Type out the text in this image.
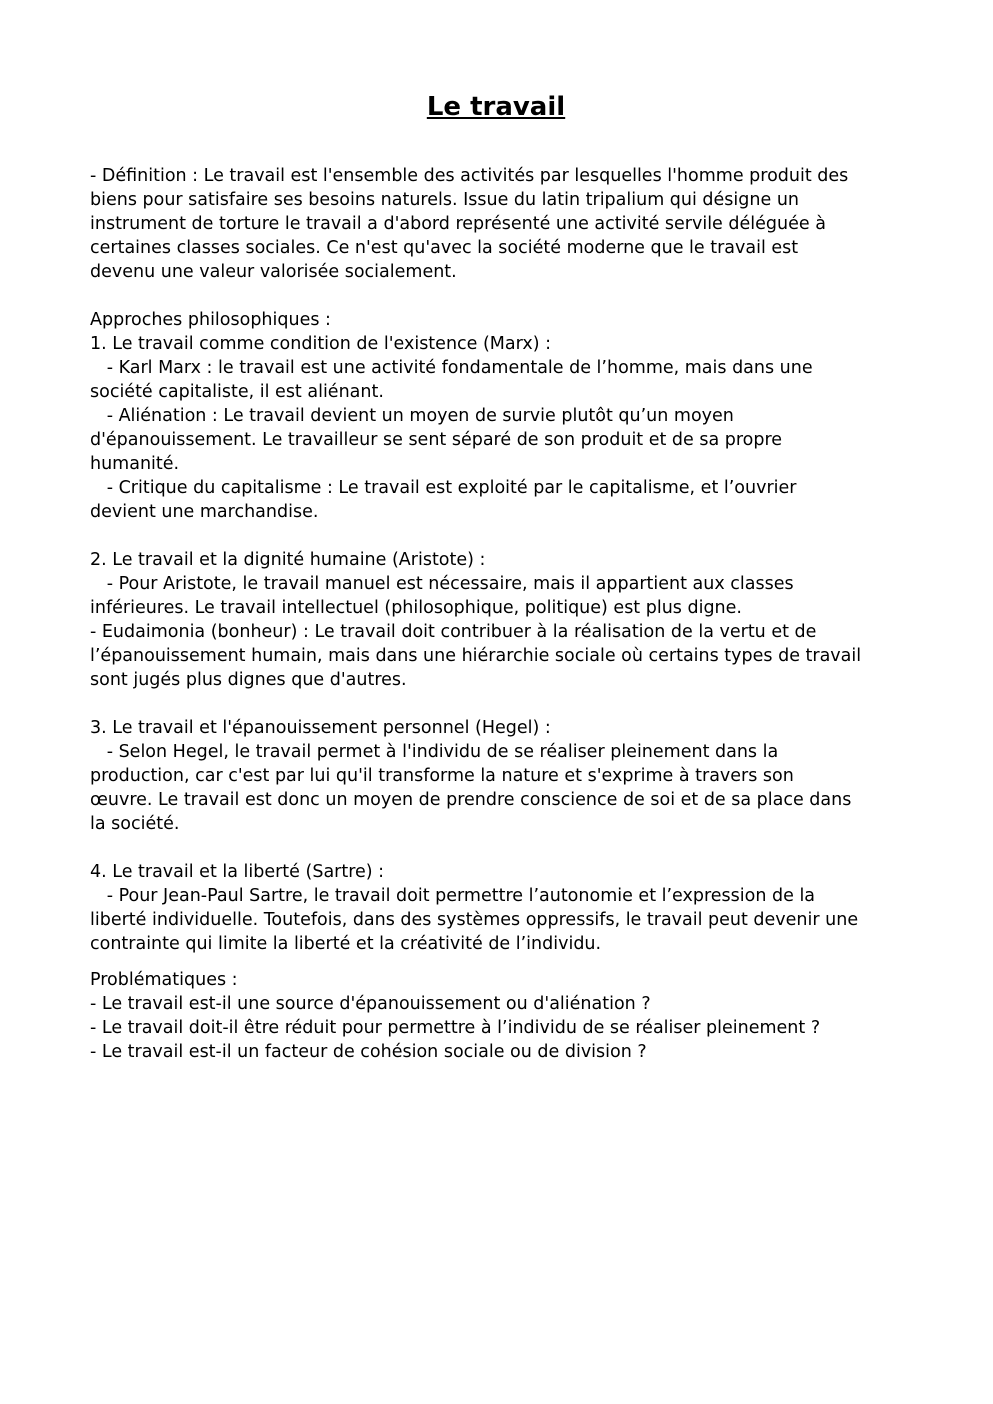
Le travail
- Définition : Le travail est l'ensemble des activités par lesquelles l'homme produit des
biens pour satisfaire ses besoins naturels. Issue du latin tripalium qui désigne un
instrument de torture le travail a d'abord représenté une activité servile déléguée à
certaines classes sociales. Ce n'est qu'avec la société moderne que le travail est
devenu une valeur valorisée socialement.
Approches philosophiques :
1. Le travail comme condition de l'existence (Marx) :
- Karl Marx : le travail est une activité fondamentale de l’homme, mais dans une
société capitaliste, il est aliénant.
- Aliénation : Le travail devient un moyen de survie plutôt qu’un moyen
d'épanouissement. Le travailleur se sent séparé de son produit et de sa propre
humanité.
- Critique du capitalisme : Le travail est exploité par le capitalisme, et l’ouvrier
devient une marchandise.
2. Le travail et la dignité humaine (Aristote) :
- Pour Aristote, le travail manuel est nécessaire, mais il appartient aux classes
inférieures. Le travail intellectuel (philosophique, politique) est plus digne.
- Eudaimonia (bonheur) : Le travail doit contribuer à la réalisation de la vertu et de
l’épanouissement humain, mais dans une hiérarchie sociale où certains types de travail
sont jugés plus dignes que d'autres.
3. Le travail et l'épanouissement personnel (Hegel) :
- Selon Hegel, le travail permet à l'individu de se réaliser pleinement dans la
production, car c'est par lui qu'il transforme la nature et s'exprime à travers son
œuvre. Le travail est donc un moyen de prendre conscience de soi et de sa place dans
la société.
4. Le travail et la liberté (Sartre) :
- Pour Jean-Paul Sartre, le travail doit permettre l’autonomie et l’expression de la
liberté individuelle. Toutefois, dans des systèmes oppressifs, le travail peut devenir une
contrainte qui limite la liberté et la créativité de l’individu.
Problématiques :
- Le travail est-il une source d'épanouissement ou d'aliénation ?
- Le travail doit-il être réduit pour permettre à l’individu de se réaliser pleinement ?
- Le travail est-il un facteur de cohésion sociale ou de division ?
